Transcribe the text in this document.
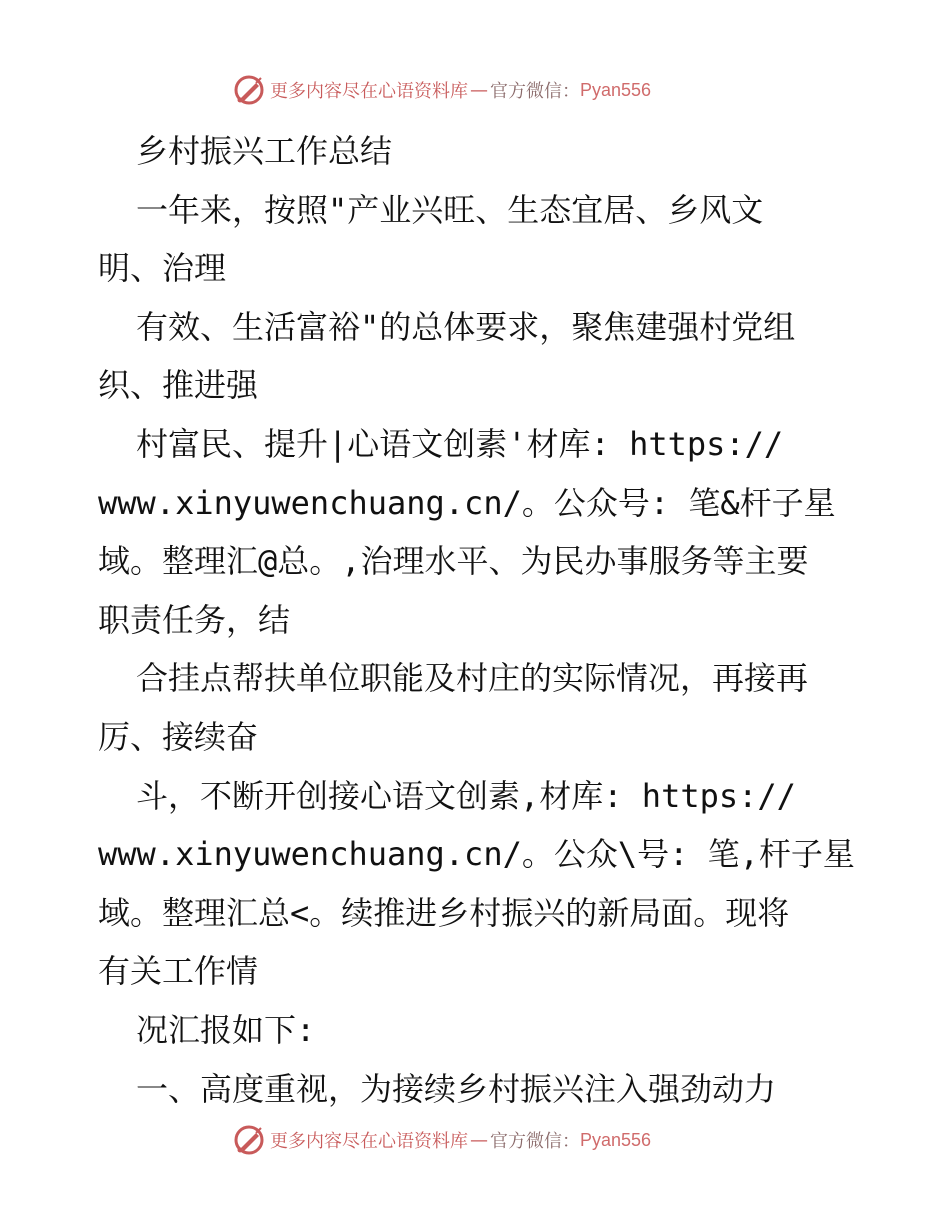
更多内容尽在心语资料库 — 官方微信： Pyan556

乡村振兴工作总结

一年来，按照"产业兴旺、生态宜居、乡风文

明、治理

有效、生活富裕"的总体要求，聚焦建强村党组

织、推进强

村富民、提升|心语文创素'材库: https://

www.xinyuwenchuang.cn/。公众号: 笔&杆子星

域。整理汇@总。,治理水平、为民办事服务等主要

职责任务，结

合挂点帮扶单位职能及村庄的实际情况，再接再

厉、接续奋

斗，不断开创接心语文创素,材库: https://

www.xinyuwenchuang.cn/。公众\号: 笔,杆子星

域。整理汇总<。续推进乡村振兴的新局面。现将

有关工作情

况汇报如下:

一、高度重视，为接续乡村振兴注入强劲动力

更多内容尽在心语资料库 — 官方微信： Pyan556
